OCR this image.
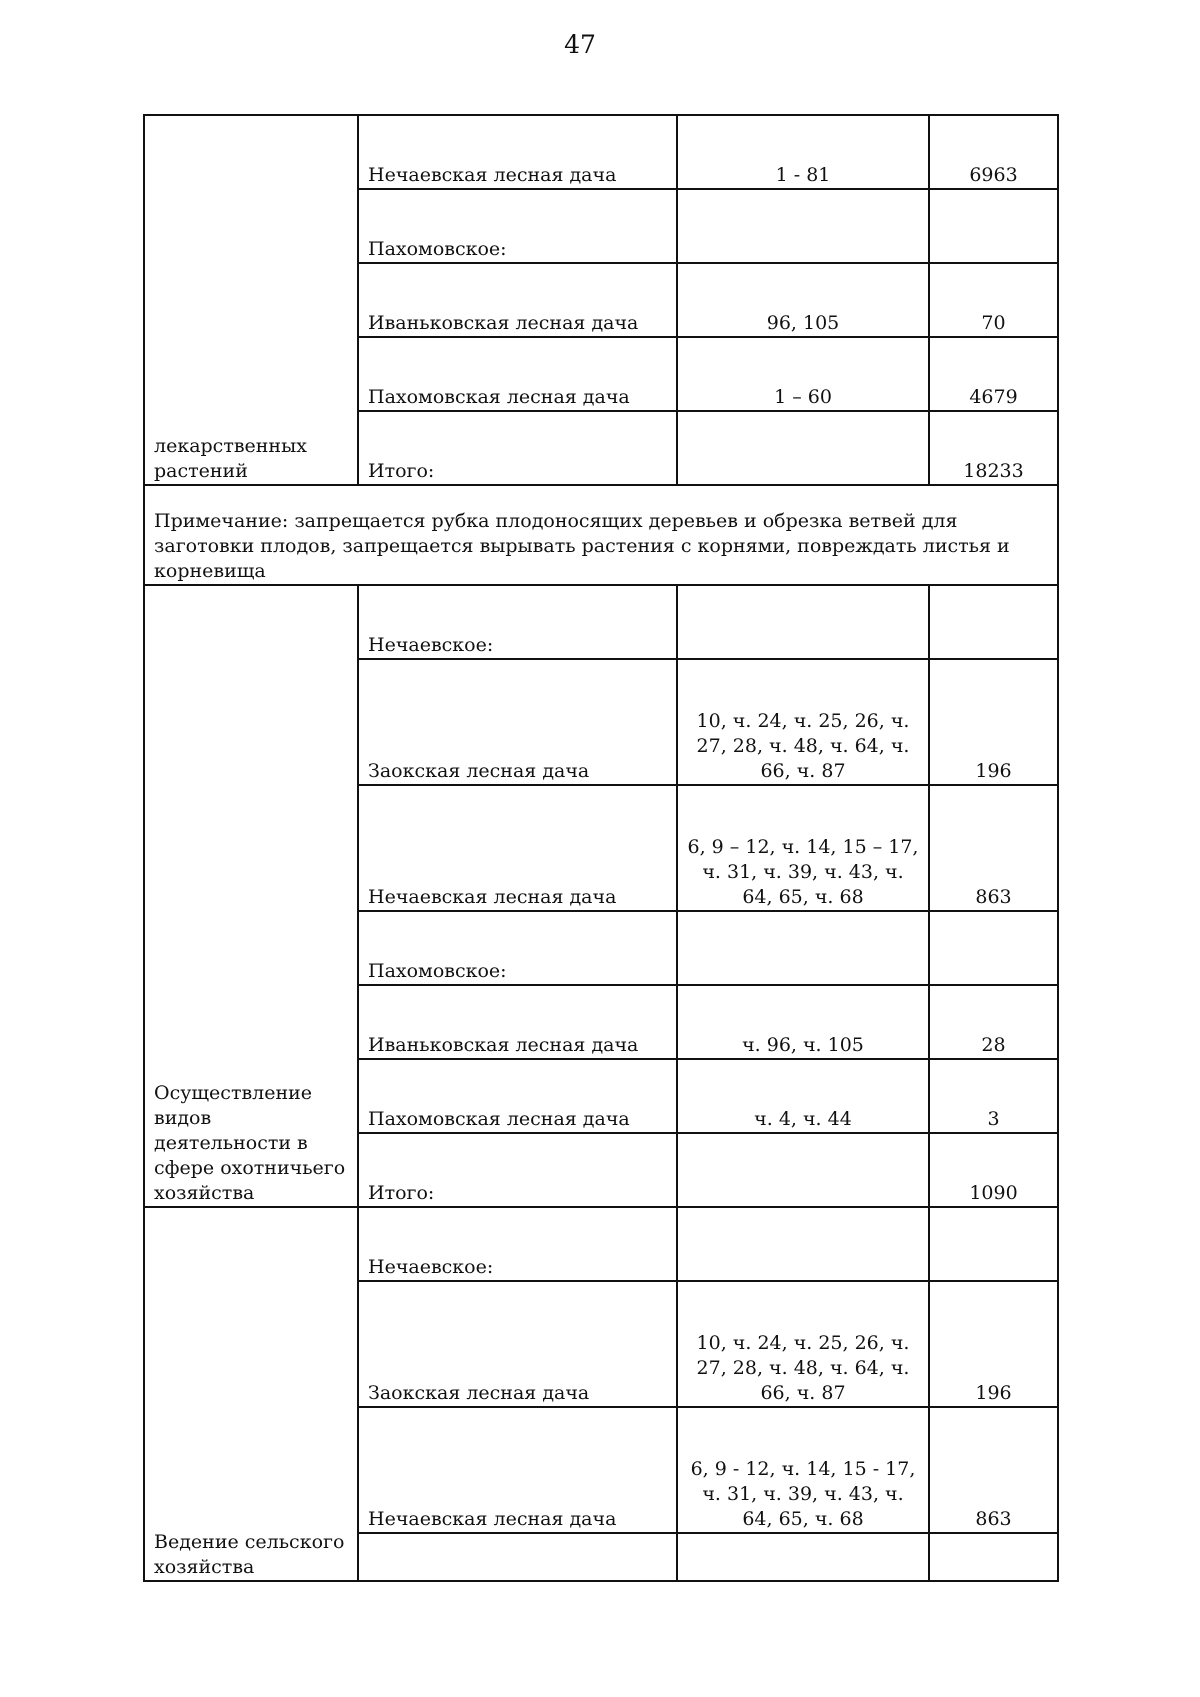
47
лекарственных растений	Нечаевская лесная дача	1 - 81	6963
	Пахомовское:		
	Иваньковская лесная дача	96, 105	70
	Пахомовская лесная дача	1 – 60	4679
	Итого:		18233
Примечание: запрещается рубка плодоносящих деревьев и обрезка ветвей для заготовки плодов, запрещается вырывать растения с корнями, повреждать листья и корневища			
Осуществление видов деятельности в сфере охотничьего хозяйства	Нечаевское:		
	Заокская лесная дача	10, ч. 24, ч. 25, 26, ч. 27, 28, ч. 48, ч. 64, ч. 66, ч. 87	196
	Нечаевская лесная дача	6, 9 – 12, ч. 14, 15 – 17, ч. 31, ч. 39, ч. 43, ч. 64, 65, ч. 68	863
	Пахомовское:		
	Иваньковская лесная дача	ч. 96, ч. 105	28
	Пахомовская лесная дача	ч. 4, ч. 44	3
	Итого:		1090
Ведение сельского хозяйства	Нечаевское:		
	Заокская лесная дача	10, ч. 24, ч. 25, 26, ч. 27, 28, ч. 48, ч. 64, ч. 66, ч. 87	196
	Нечаевская лесная дача	6, 9 - 12, ч. 14, 15 - 17, ч. 31, ч. 39, ч. 43, ч. 64, 65, ч. 68	863
